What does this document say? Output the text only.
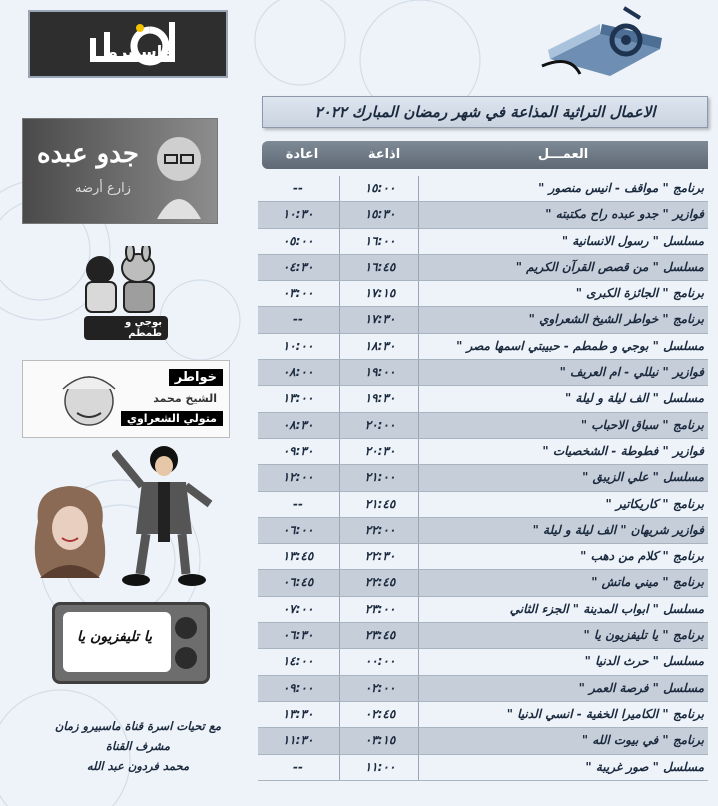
ماسبيرو
الاعمال التراثية المذاعة في شهر رمضان المبارك ٢٠٢٢
العمـــل
اذاعة
اعادة
برنامج " مواقف - انيس منصور "
١٥:٠٠
--
فوازير " جدو عبده راح مكتبته "
١٥:٣٠
١٠:٣٠
مسلسل " رسول الانسانية "
١٦:٠٠
٠٥:٠٠
مسلسل " من قصص القرآن الكريم "
١٦:٤٥
٠٤:٣٠
برنامج " الجائزة الكبرى "
١٧:١٥
٠٣:٠٠
برنامج " خواطر الشيخ الشعراوي "
١٧:٣٠
--
مسلسل " بوجي و طمطم - حبيبتي اسمها مصر "
١٨:٣٠
١٠:٠٠
فوازير " نيللي - ام العريف "
١٩:٠٠
٠٨:٠٠
مسلسل " الف ليلة و ليلة "
١٩:٣٠
١٣:٠٠
برنامج " سباق الاحباب "
٢٠:٠٠
٠٨:٣٠
فوازير " فطوطة - الشخصيات "
٢٠:٣٠
٠٩:٣٠
مسلسل " علي الزيبق "
٢١:٠٠
١٢:٠٠
برنامج " كاريكاتير "
٢١:٤٥
--
فوازير شريهان " الف ليلة و ليلة "
٢٢:٠٠
٠٦:٠٠
برنامج " كلام من دهب "
٢٢:٣٠
١٣:٤٥
برنامج " ميني ماتش "
٢٢:٤٥
٠٦:٤٥
مسلسل " ابواب المدينة " الجزء الثاني
٢٣:٠٠
٠٧:٠٠
برنامج " يا تليفزيون يا "
٢٣:٤٥
٠٦:٣٠
مسلسل " حرث الدنيا "
٠٠:٠٠
١٤:٠٠
مسلسل " فرصة العمر "
٠٢:٠٠
٠٩:٠٠
برنامج " الكاميرا الخفية - انسي الدنيا "
٠٢:٤٥
١٣:٣٠
برنامج " في بيوت الله "
٠٣:١٥
١١:٣٠
مسلسل " صور غريبة "
١١:٠٠
--
جدو عبده
زارع أرضه
بوجي و طمطم
خواطر
الشيخ محمد
متولي الشعراوي
يا تليفزيون يا
مع تحيات اسرة قناة ماسبيرو زمان
مشرف القناة
محمد فردون عبد الله
